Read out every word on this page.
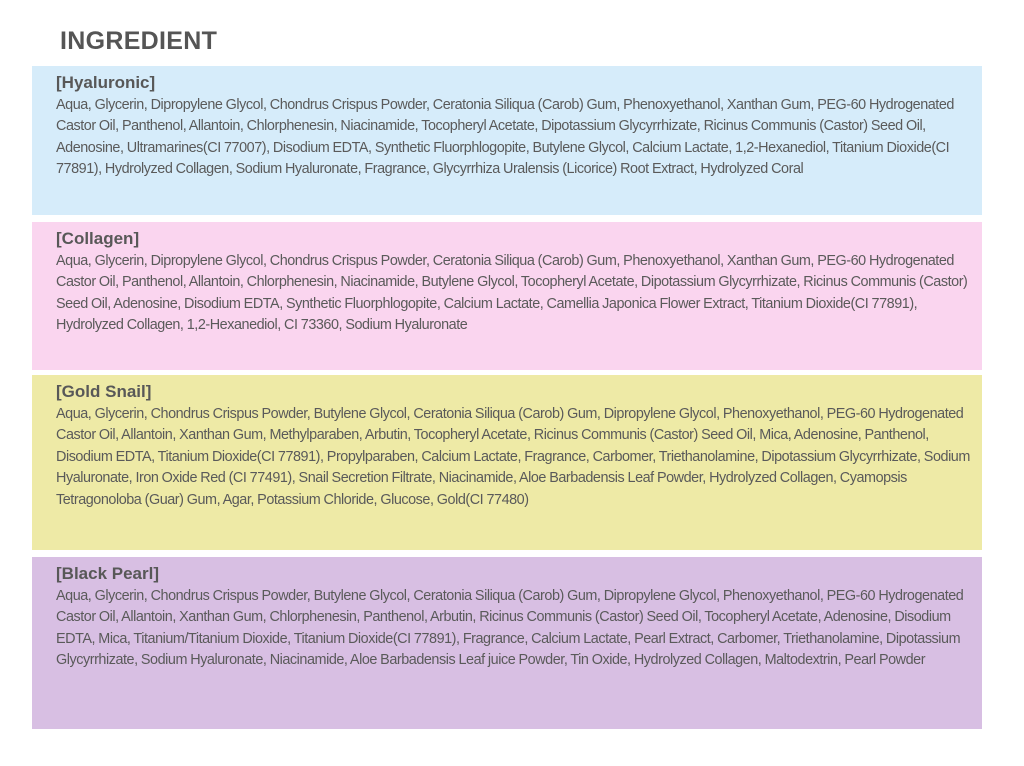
INGREDIENT
[Hyaluronic]
Aqua, Glycerin, Dipropylene Glycol, Chondrus Crispus Powder, Ceratonia Siliqua (Carob) Gum, Phenoxyethanol, Xanthan Gum, PEG-60 Hydrogenated Castor Oil, Panthenol, Allantoin, Chlorphenesin, Niacinamide, Tocopheryl Acetate, Dipotassium Glycyrrhizate, Ricinus Communis (Castor) Seed Oil, Adenosine, Ultramarines(CI 77007), Disodium EDTA, Synthetic Fluorphlogopite, Butylene Glycol, Calcium Lactate, 1,2-Hexanediol, Titanium Dioxide(CI 77891), Hydrolyzed Collagen, Sodium Hyaluronate, Fragrance, Glycyrrhiza Uralensis (Licorice) Root Extract, Hydrolyzed Coral
[Collagen]
Aqua, Glycerin, Dipropylene Glycol, Chondrus Crispus Powder, Ceratonia Siliqua (Carob) Gum, Phenoxyethanol, Xanthan Gum, PEG-60 Hydrogenated Castor Oil, Panthenol, Allantoin, Chlorphenesin, Niacinamide, Butylene Glycol, Tocopheryl Acetate, Dipotassium Glycyrrhizate, Ricinus Communis (Castor) Seed Oil, Adenosine, Disodium EDTA, Synthetic Fluorphlogopite, Calcium Lactate, Camellia Japonica Flower Extract, Titanium Dioxide(CI 77891), Hydrolyzed Collagen, 1,2-Hexanediol, CI 73360, Sodium Hyaluronate
[Gold Snail]
Aqua, Glycerin, Chondrus Crispus Powder, Butylene Glycol, Ceratonia Siliqua (Carob) Gum, Dipropylene Glycol, Phenoxyethanol, PEG-60 Hydrogenated Castor Oil, Allantoin, Xanthan Gum, Methylparaben, Arbutin, Tocopheryl Acetate, Ricinus Communis (Castor) Seed Oil, Mica, Adenosine, Panthenol, Disodium EDTA, Titanium Dioxide(CI 77891), Propylparaben, Calcium Lactate, Fragrance, Carbomer, Triethanolamine, Dipotassium Glycyrrhizate, Sodium Hyaluronate, Iron Oxide Red (CI 77491), Snail Secretion Filtrate, Niacinamide, Aloe Barbadensis Leaf Powder, Hydrolyzed Collagen, Cyamopsis Tetragonoloba (Guar) Gum, Agar, Potassium Chloride, Glucose, Gold(CI 77480)
[Black Pearl]
Aqua, Glycerin, Chondrus Crispus Powder, Butylene Glycol, Ceratonia Siliqua (Carob) Gum, Dipropylene Glycol, Phenoxyethanol, PEG-60 Hydrogenated Castor Oil, Allantoin, Xanthan Gum, Chlorphenesin, Panthenol, Arbutin, Ricinus Communis (Castor) Seed Oil, Tocopheryl Acetate, Adenosine, Disodium EDTA, Mica, Titanium/Titanium Dioxide, Titanium Dioxide(CI 77891), Fragrance, Calcium Lactate, Pearl Extract, Carbomer, Triethanolamine, Dipotassium Glycyrrhizate, Sodium Hyaluronate, Niacinamide, Aloe Barbadensis Leaf juice Powder, Tin Oxide, Hydrolyzed Collagen, Maltodextrin, Pearl Powder
